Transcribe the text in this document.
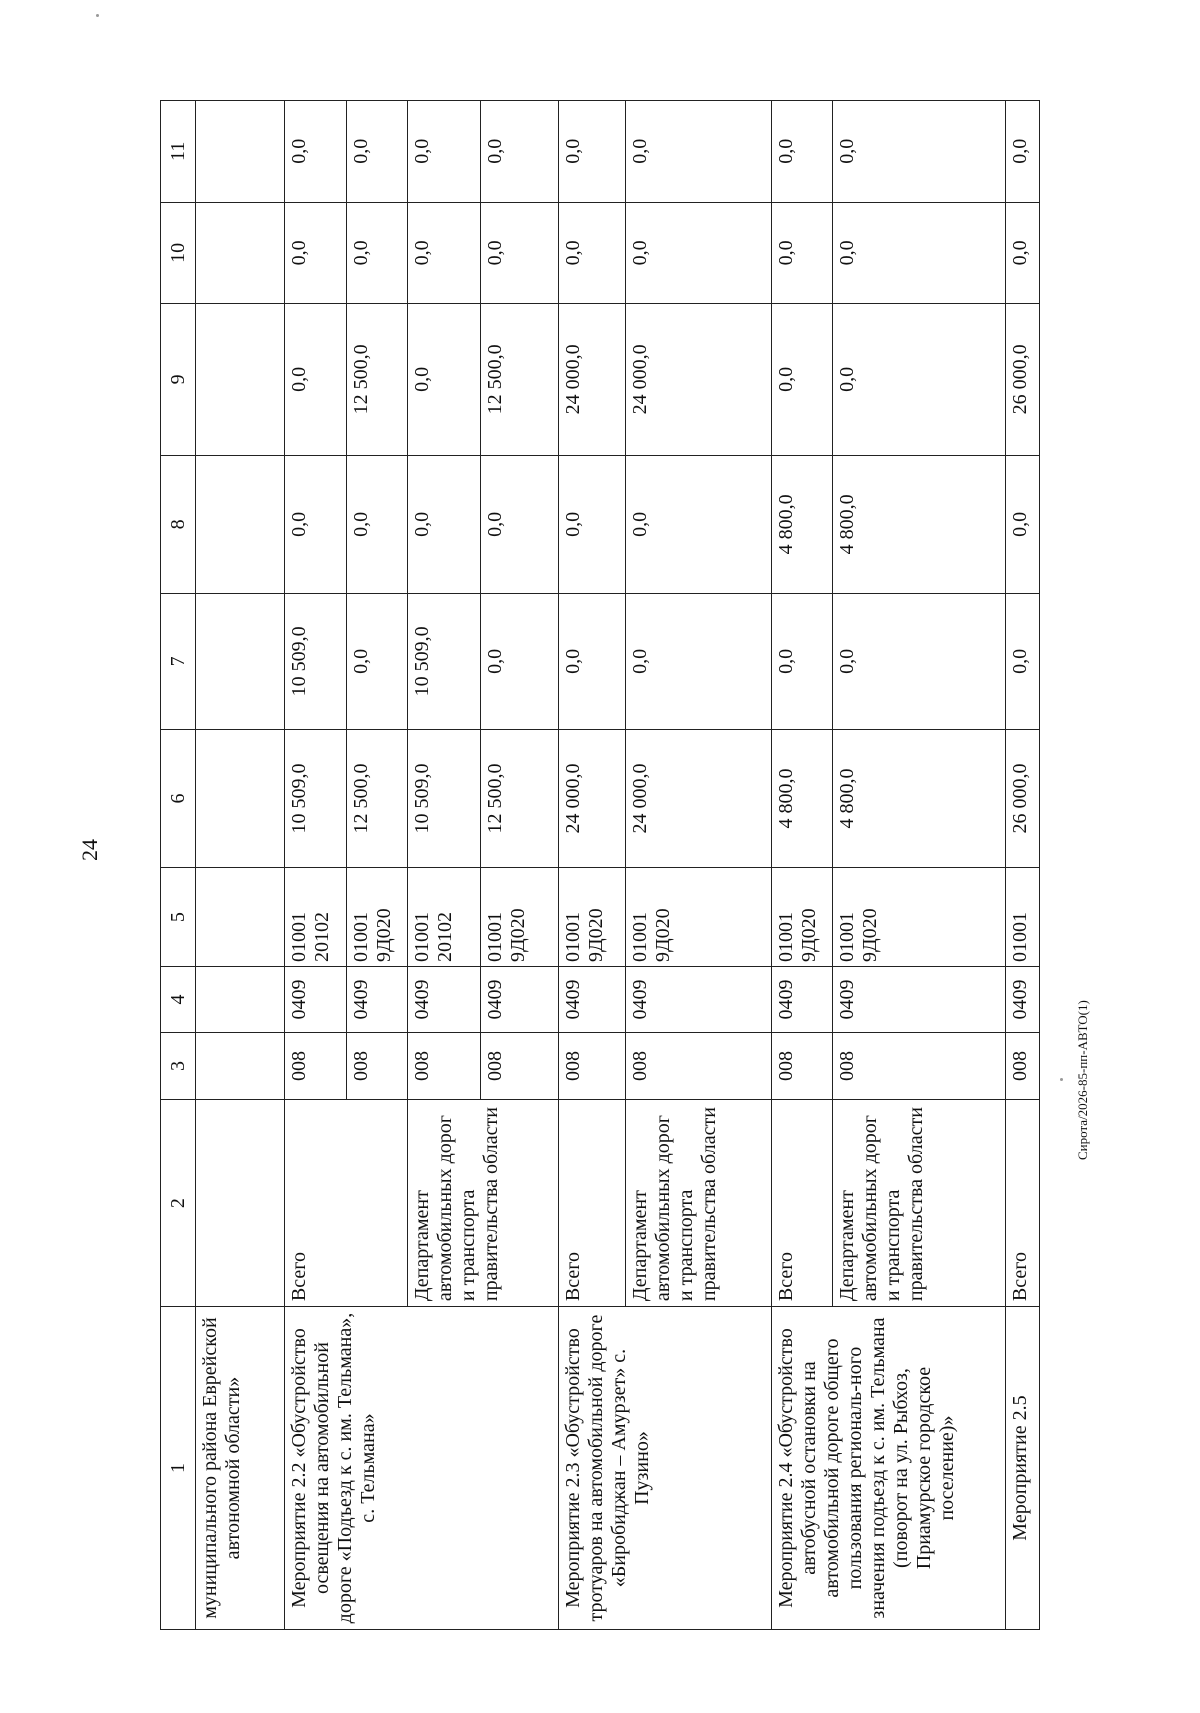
24
Сирота/2026-85-пп-АВТО(1)
1	2	3	4	5	6	7	8	9	10	11
муниципального района Еврейской автономной области»										
Мероприятие 2.2 «Обустройство освещения на автомобильной дороге «Подъезд к с. им. Тельмана», с. Тельмана»	Всего	008	0409	01001 20102	10 509,0	10 509,0	0,0	0,0	0,0	0,0
		008	0409	01001 9Д020	12 500,0	0,0	0,0	12 500,0	0,0	0,0
	Департамент автомобильных дорог и транспорта правительства области	008	0409	01001 20102	10 509,0	10 509,0	0,0	0,0	0,0	0,0
		008	0409	01001 9Д020	12 500,0	0,0	0,0	12 500,0	0,0	0,0
Мероприятие 2.3 «Обустройство тротуаров на автомобильной дороге «Биробиджан – Амурзет» с. Пузино»	Всего	008	0409	01001 9Д020	24 000,0	0,0	0,0	24 000,0	0,0	0,0
	Департамент автомобильных дорог и транспорта правительства области	008	0409	01001 9Д020	24 000,0	0,0	0,0	24 000,0	0,0	0,0
Мероприятие 2.4 «Обустройство автобусной остановки на автомобильной дороге общего пользования региональ-ного значения подъезд к с. им. Тельмана (поворот на ул. Рыбхоз, Приамурское городское поселение)»	Всего	008	0409	01001 9Д020	4 800,0	0,0	4 800,0	0,0	0,0	0,0
	Департамент автомобильных дорог и транспорта правительства области	008	0409	01001 9Д020	4 800,0	0,0	4 800,0	0,0	0,0	0,0
Мероприятие 2.5	Всего	008	0409	01001	26 000,0	0,0	0,0	26 000,0	0,0	0,0
